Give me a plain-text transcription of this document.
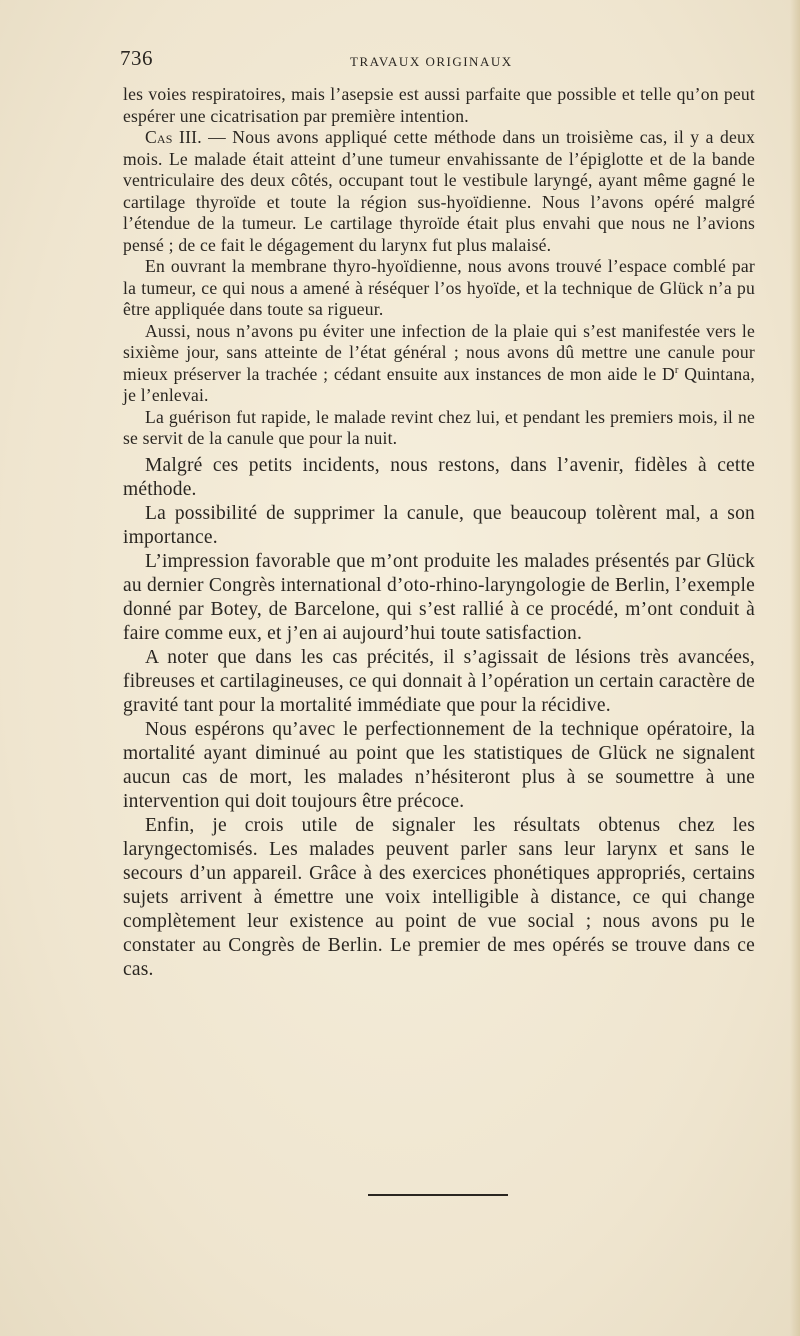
736	TRAVAUX ORIGINAUX

les voies respiratoires, mais l’asepsie est aussi parfaite que possible et telle qu’on peut espérer une cicatrisation par première intention.

Cas III. — Nous avons appliqué cette méthode dans un troisième cas, il y a deux mois. Le malade était atteint d’une tumeur envahissante de l’épiglotte et de la bande ventriculaire des deux côtés, occupant tout le vestibule laryngé, ayant même gagné le cartilage thyroïde et toute la région sus-hyoïdienne. Nous l’avons opéré malgré l’étendue de la tumeur. Le cartilage thyroïde était plus envahi que nous ne l’avions pensé ; de ce fait le dégagement du larynx fut plus malaisé.

En ouvrant la membrane thyro-hyoïdienne, nous avons trouvé l’espace comblé par la tumeur, ce qui nous a amené à réséquer l’os hyoïde, et la technique de Glück n’a pu être appliquée dans toute sa rigueur.

Aussi, nous n’avons pu éviter une infection de la plaie qui s’est manifestée vers le sixième jour, sans atteinte de l’état général ; nous avons dû mettre une canule pour mieux préserver la trachée ; cédant ensuite aux instances de mon aide le $D^r$ Quintana, je l’enlevai.

La guérison fut rapide, le malade revint chez lui, et pendant les premiers mois, il ne se servit de la canule que pour la nuit.

Malgré ces petits incidents, nous restons, dans l’avenir, fidèles à cette méthode.

La possibilité de supprimer la canule, que beaucoup tolèrent mal, a son importance.

L’impression favorable que m’ont produite les malades présentés par Glück au dernier Congrès international d’oto-rhino-laryngologie de Berlin, l’exemple donné par Botey, de Barcelone, qui s’est rallié à ce procédé, m’ont conduit à faire comme eux, et j’en ai aujourd’hui toute satisfaction.

A noter que dans les cas précités, il s’agissait de lésions très avancées, fibreuses et cartilagineuses, ce qui donnait à l’opération un certain caractère de gravité tant pour la mortalité immédiate que pour la récidive.

Nous espérons qu’avec le perfectionnement de la technique opératoire, la mortalité ayant diminué au point que les statistiques de Glück ne signalent aucun cas de mort, les malades n’hésiteront plus à se soumettre à une intervention qui doit toujours être précoce.

Enfin, je crois utile de signaler les résultats obtenus chez les laryngectomisés. Les malades peuvent parler sans leur larynx et sans le secours d’un appareil. Grâce à des exercices phonétiques appropriés, certains sujets arrivent à émettre une voix intelligible à distance, ce qui change complètement leur existence au point de vue social ; nous avons pu le constater au Congrès de Berlin. Le premier de mes opérés se trouve dans ce cas.
